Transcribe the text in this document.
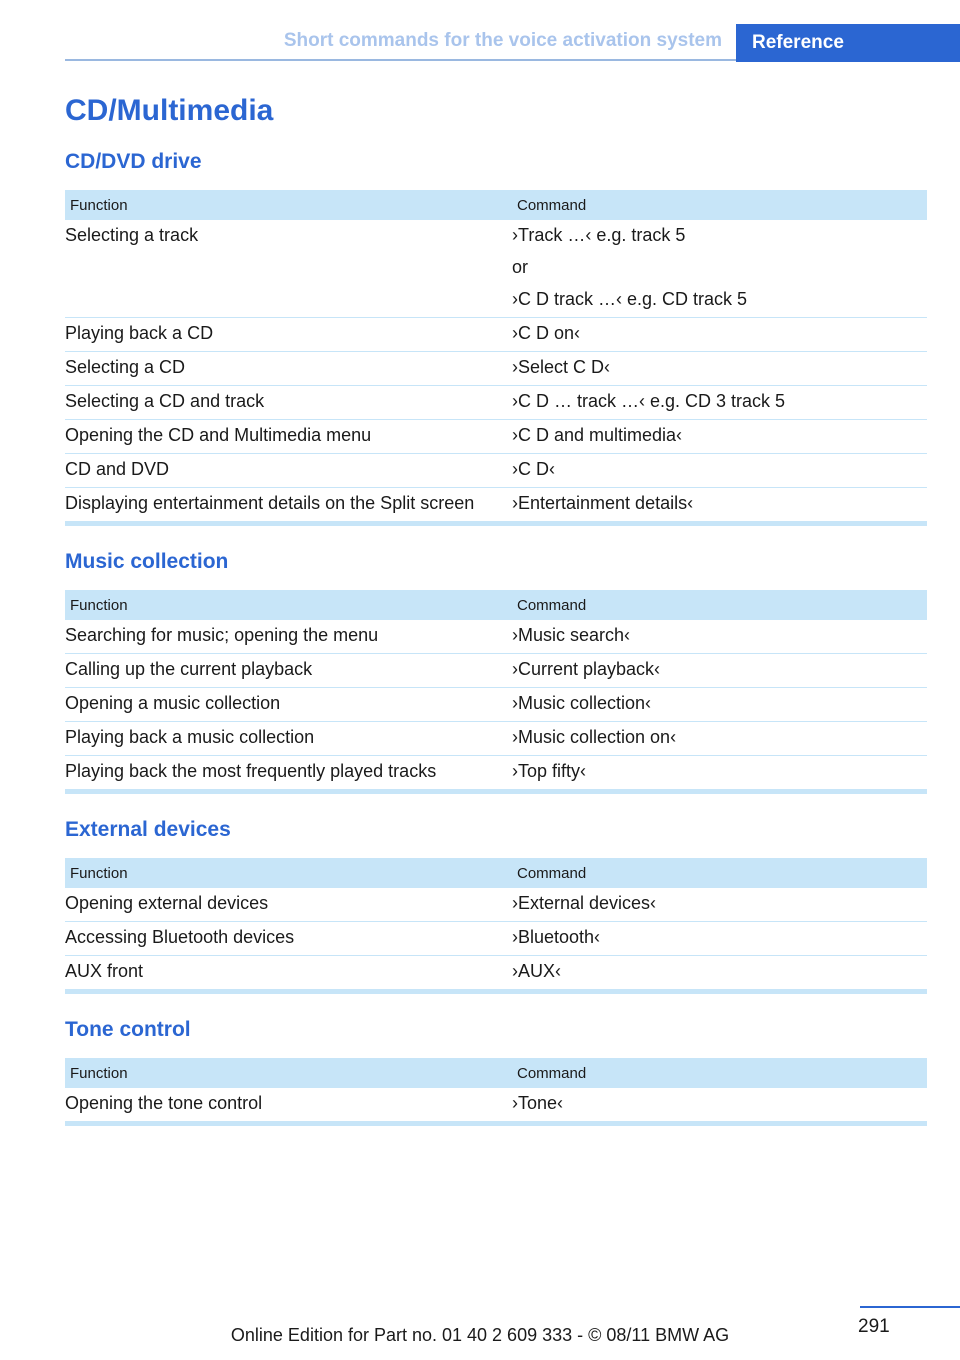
Short commands for the voice activation system	Reference
CD/Multimedia
CD/DVD drive
Function	Command
Selecting a track	›Track …‹ e.g. track 5
or
›C D track …‹ e.g. CD track 5
Playing back a CD	›C D on‹
Selecting a CD	›Select C D‹
Selecting a CD and track	›C D … track …‹ e.g. CD 3 track 5
Opening the CD and Multimedia menu	›C D and multimedia‹
CD and DVD	›C D‹
Displaying entertainment details on the Split screen	›Entertainment details‹
Music collection
Function	Command
Searching for music; opening the menu	›Music search‹
Calling up the current playback	›Current playback‹
Opening a music collection	›Music collection‹
Playing back a music collection	›Music collection on‹
Playing back the most frequently played tracks	›Top fifty‹
External devices
Function	Command
Opening external devices	›External devices‹
Accessing Bluetooth devices	›Bluetooth‹
AUX front	›AUX‹
Tone control
Function	Command
Opening the tone control	›Tone‹
291
Online Edition for Part no. 01 40 2 609 333 - © 08/11 BMW AG
